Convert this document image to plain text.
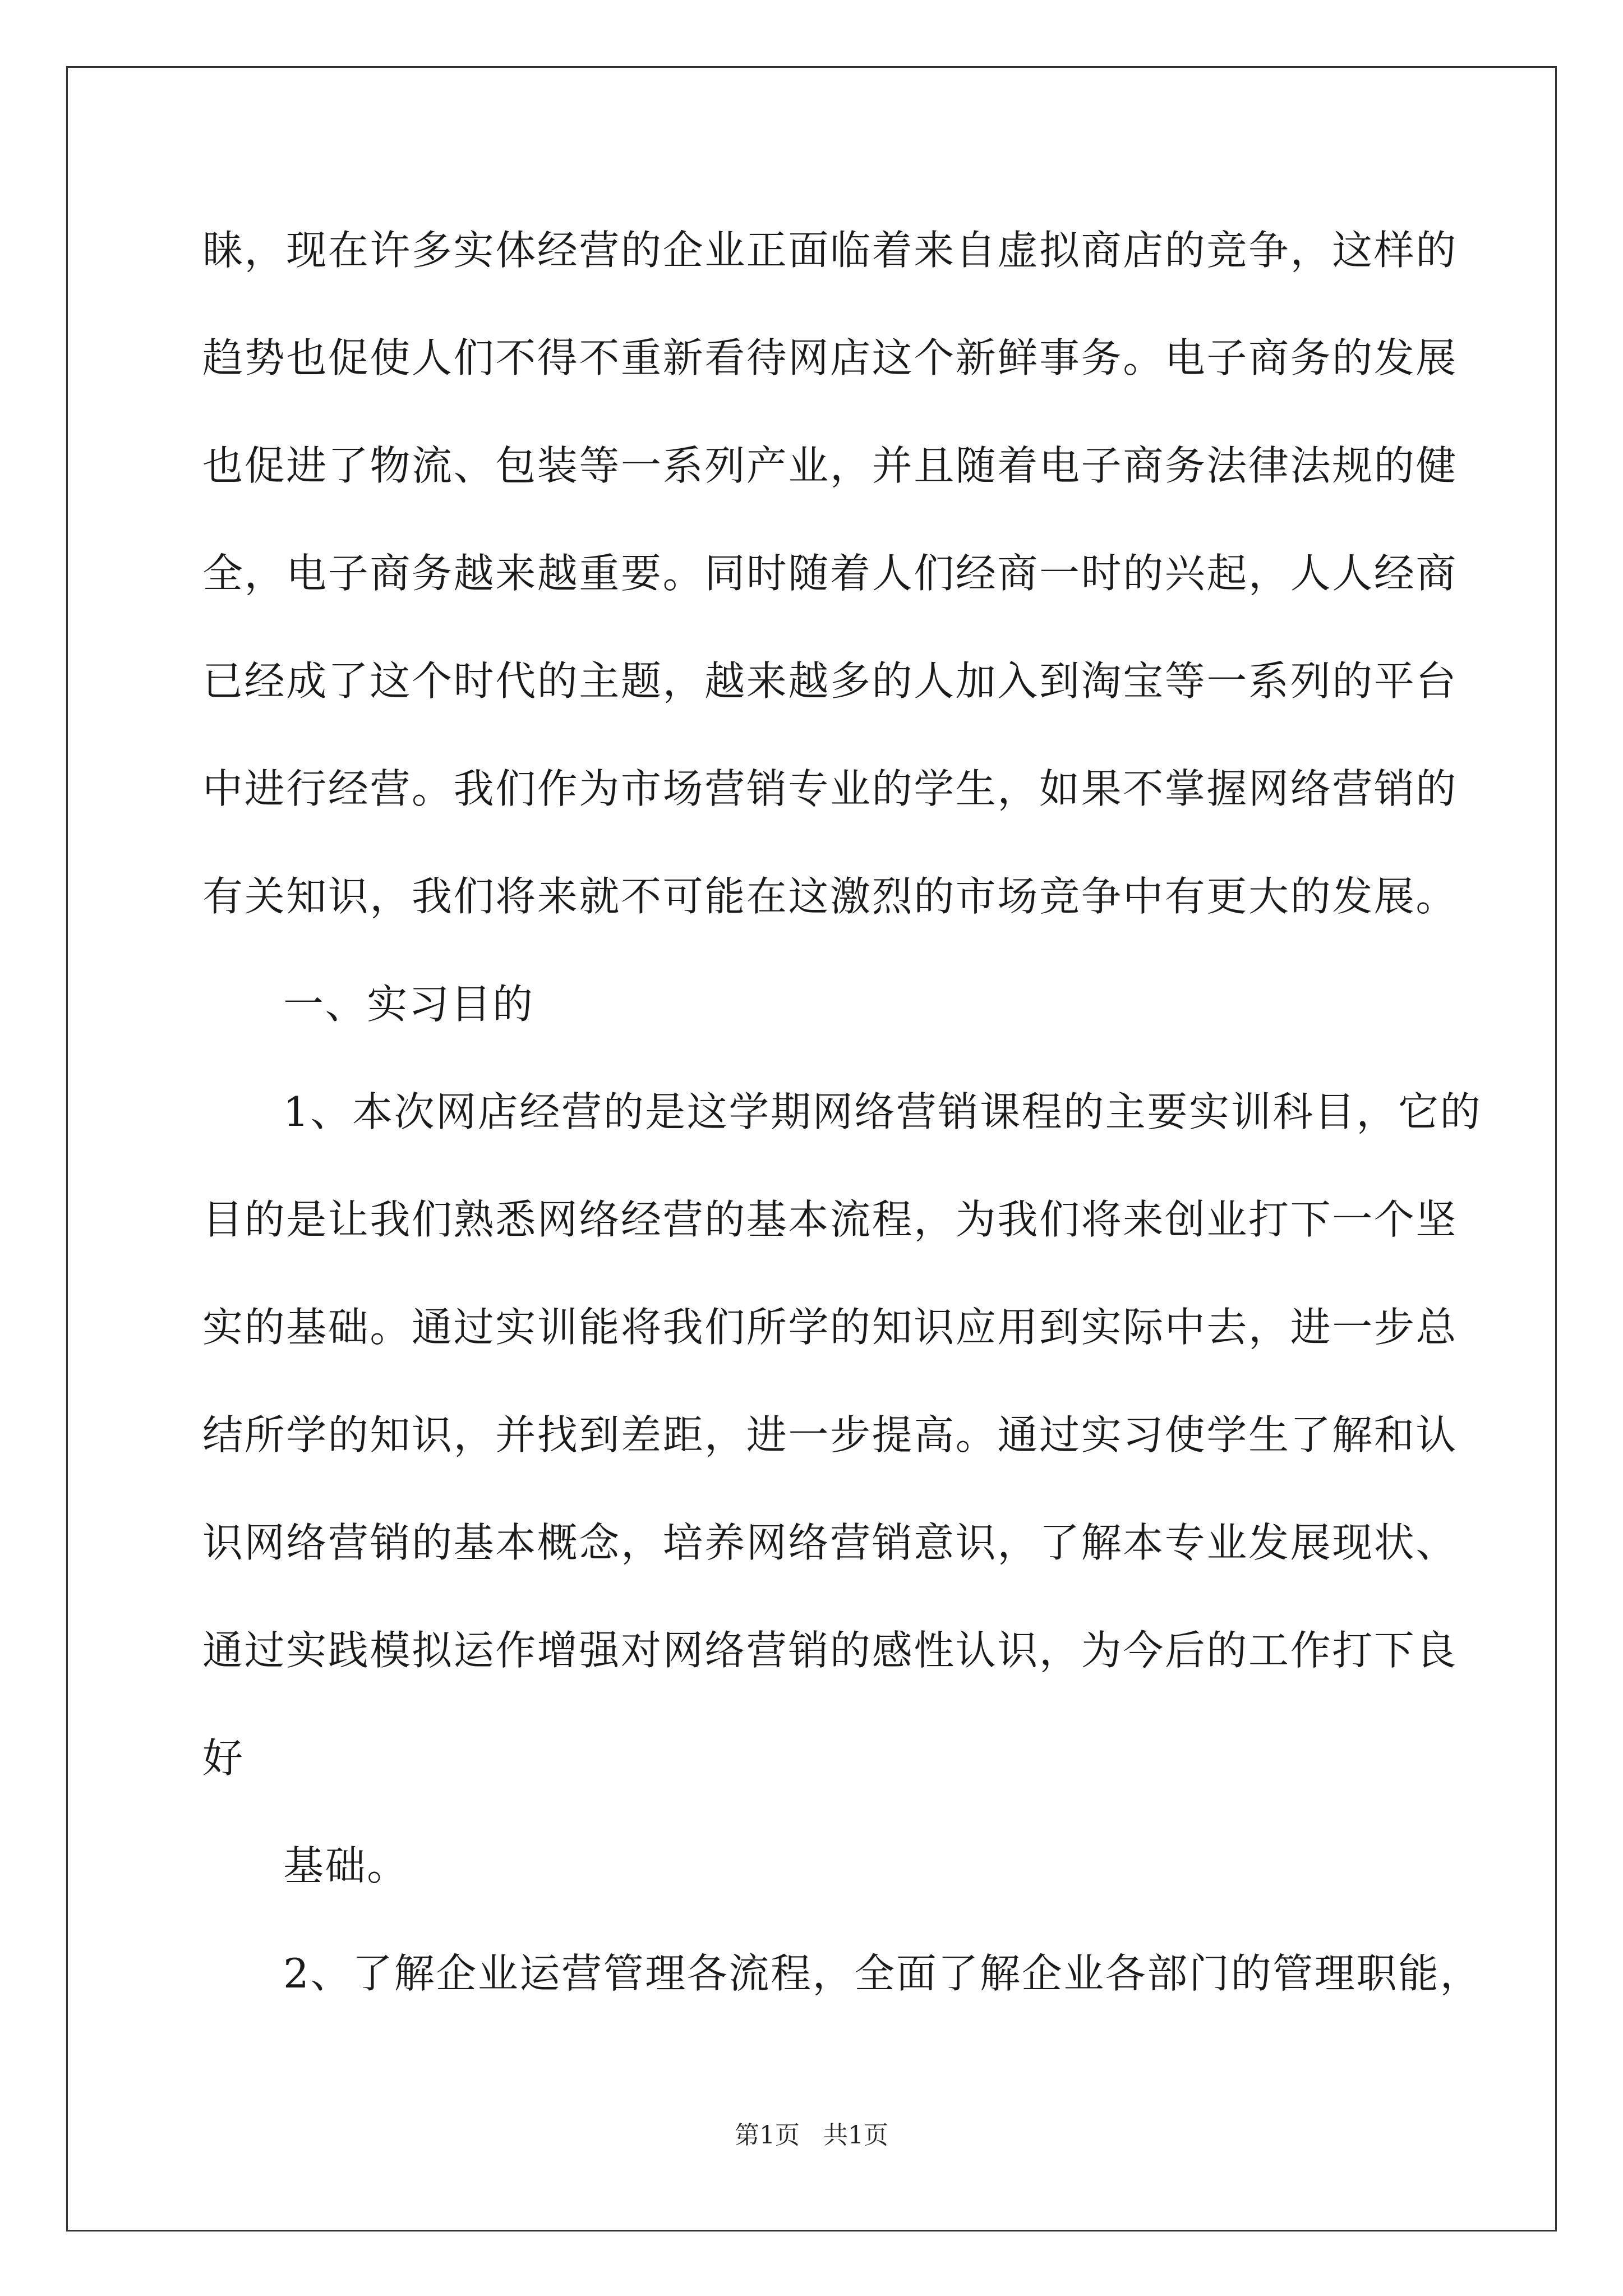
睐，现在许多实体经营的企业正面临着来自虚拟商店的竞争，这样的
趋势也促使人们不得不重新看待网店这个新鲜事务。电子商务的发展
也促进了物流、包装等一系列产业，并且随着电子商务法律法规的健
全，电子商务越来越重要。同时随着人们经商一时的兴起，人人经商
已经成了这个时代的主题，越来越多的人加入到淘宝等一系列的平台
中进行经营。我们作为市场营销专业的学生，如果不掌握网络营销的
有关知识，我们将来就不可能在这激烈的市场竞争中有更大的发展。
一、实习目的
1、本次网店经营的是这学期网络营销课程的主要实训科目，它的
目的是让我们熟悉网络经营的基本流程，为我们将来创业打下一个坚
实的基础。通过实训能将我们所学的知识应用到实际中去，进一步总
结所学的知识，并找到差距，进一步提高。通过实习使学生了解和认
识网络营销的基本概念，培养网络营销意识，了解本专业发展现状、
通过实践模拟运作增强对网络营销的感性认识，为今后的工作打下良
好
基础。
2、了解企业运营管理各流程，全面了解企业各部门的管理职能，
第1页 共1页
